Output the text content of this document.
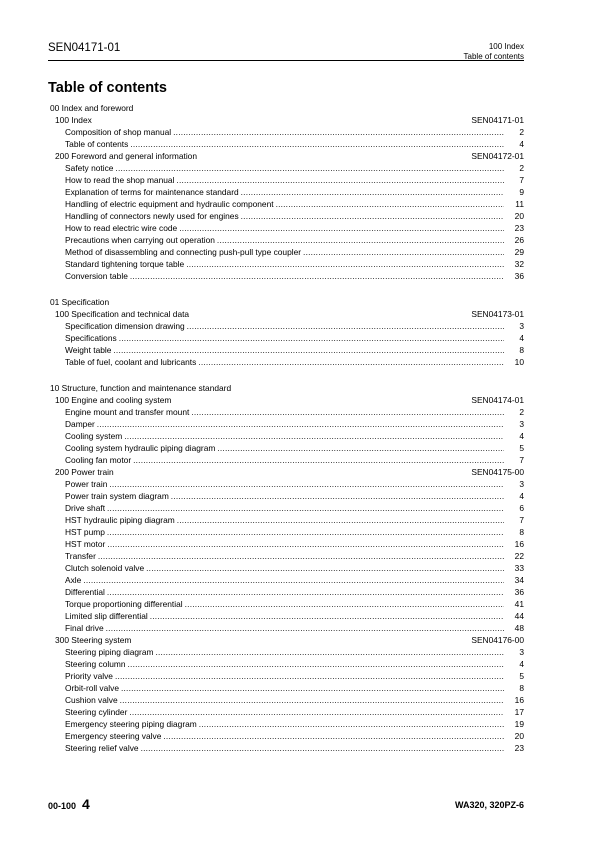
SEN04171-01	100 Index
Table of contents
Table of contents
00 Index and foreword
100 Index	SEN04171-01
Composition of shop manual .....	2
Table of contents .....	4
200 Foreword and general information	SEN04172-01
Safety notice .....	2
How to read the shop manual .....	7
Explanation of terms for maintenance standard .....	9
Handling of electric equipment and hydraulic component .....	11
Handling of connectors newly used for engines .....	20
How to read electric wire code .....	23
Precautions when carrying out operation .....	26
Method of disassembling and connecting push-pull type coupler .....	29
Standard tightening torque table .....	32
Conversion table .....	36
01 Specification
100 Specification and technical data	SEN04173-01
Specification dimension drawing .....	3
Specifications .....	4
Weight table .....	8
Table of fuel, coolant and lubricants .....	10
10 Structure, function and maintenance standard
100 Engine and cooling system	SEN04174-01
Engine mount and transfer mount .....	2
Damper .....	3
Cooling system .....	4
Cooling system hydraulic piping diagram .....	5
Cooling fan motor .....	7
200 Power train	SEN04175-00
Power train .....	3
Power train system diagram .....	4
Drive shaft .....	6
HST hydraulic piping diagram .....	7
HST pump .....	8
HST motor .....	16
Transfer .....	22
Clutch solenoid valve .....	33
Axle .....	34
Differential .....	36
Torque proportioning differential .....	41
Limited slip differential .....	44
Final drive .....	48
300 Steering system	SEN04176-00
Steering piping diagram .....	3
Steering column .....	4
Priority valve .....	5
Orbit-roll valve .....	8
Cushion valve .....	16
Steering cylinder .....	17
Emergency steering piping diagram .....	19
Emergency steering valve .....	20
Steering relief valve .....	23
00-100 4	WA320, 320PZ-6
